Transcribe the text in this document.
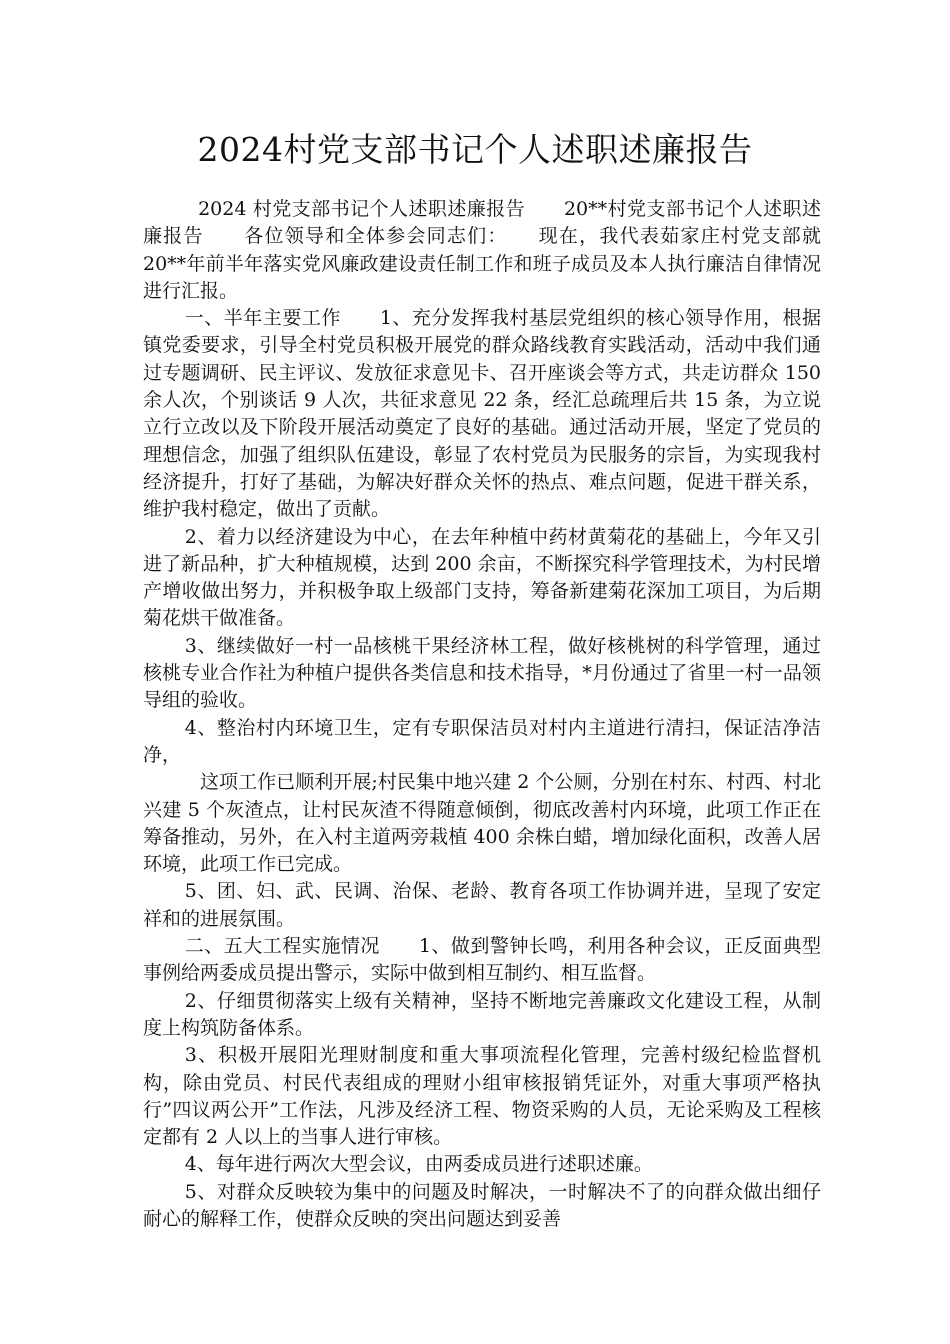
2024村党支部书记个人述职述廉报告

2024 村党支部书记个人述职述廉报告　　20**村党支部书记个人述职述廉报告　　各位领导和全体参会同志们：　　现在，我代表茹家庄村党支部就 20**年前半年落实党风廉政建设责任制工作和班子成员及本人执行廉洁自律情况进行汇报。

一、半年主要工作　　1、充分发挥我村基层党组织的核心领导作用，根据镇党委要求，引导全村党员积极开展党的群众路线教育实践活动，活动中我们通过专题调研、民主评议、发放征求意见卡、召开座谈会等方式，共走访群众 150 余人次，个别谈话 9 人次，共征求意见 22 条，经汇总疏理后共 15 条，为立说立行立改以及下阶段开展活动奠定了良好的基础。通过活动开展，坚定了党员的理想信念，加强了组织队伍建设，彰显了农村党员为民服务的宗旨，为实现我村经济提升，打好了基础，为解决好群众关怀的热点、难点问题，促进干群关系，维护我村稳定，做出了贡献。

2、着力以经济建设为中心，在去年种植中药材黄菊花的基础上，今年又引进了新品种，扩大种植规模，达到 200 余亩，不断探究科学管理技术，为村民增产增收做出努力，并积极争取上级部门支持，筹备新建菊花深加工项目，为后期菊花烘干做准备。

3、继续做好一村一品核桃干果经济林工程，做好核桃树的科学管理，通过核桃专业合作社为种植户提供各类信息和技术指导，*月份通过了省里一村一品领导组的验收。

4、整治村内环境卫生，定有专职保洁员对村内主道进行清扫，保证洁净洁净，

这项工作已顺利开展;村民集中地兴建 2 个公厕，分别在村东、村西、村北兴建 5 个灰渣点，让村民灰渣不得随意倾倒，彻底改善村内环境，此项工作正在筹备推动，另外，在入村主道两旁栽植 400 余株白蜡，增加绿化面积，改善人居环境，此项工作已完成。

5、团、妇、武、民调、治保、老龄、教育各项工作协调并进，呈现了安定祥和的进展氛围。

二、五大工程实施情况　　1、做到警钟长鸣，利用各种会议，正反面典型事例给两委成员提出警示，实际中做到相互制约、相互监督。

2、仔细贯彻落实上级有关精神，坚持不断地完善廉政文化建设工程，从制度上构筑防备体系。

3、积极开展阳光理财制度和重大事项流程化管理，完善村级纪检监督机构，除由党员、村民代表组成的理财小组审核报销凭证外，对重大事项严格执行”四议两公开”工作法，凡涉及经济工程、物资采购的人员，无论采购及工程核定都有 2 人以上的当事人进行审核。

4、每年进行两次大型会议，由两委成员进行述职述廉。

5、对群众反映较为集中的问题及时解决，一时解决不了的向群众做出细仔耐心的解释工作，使群众反映的突出问题达到妥善
